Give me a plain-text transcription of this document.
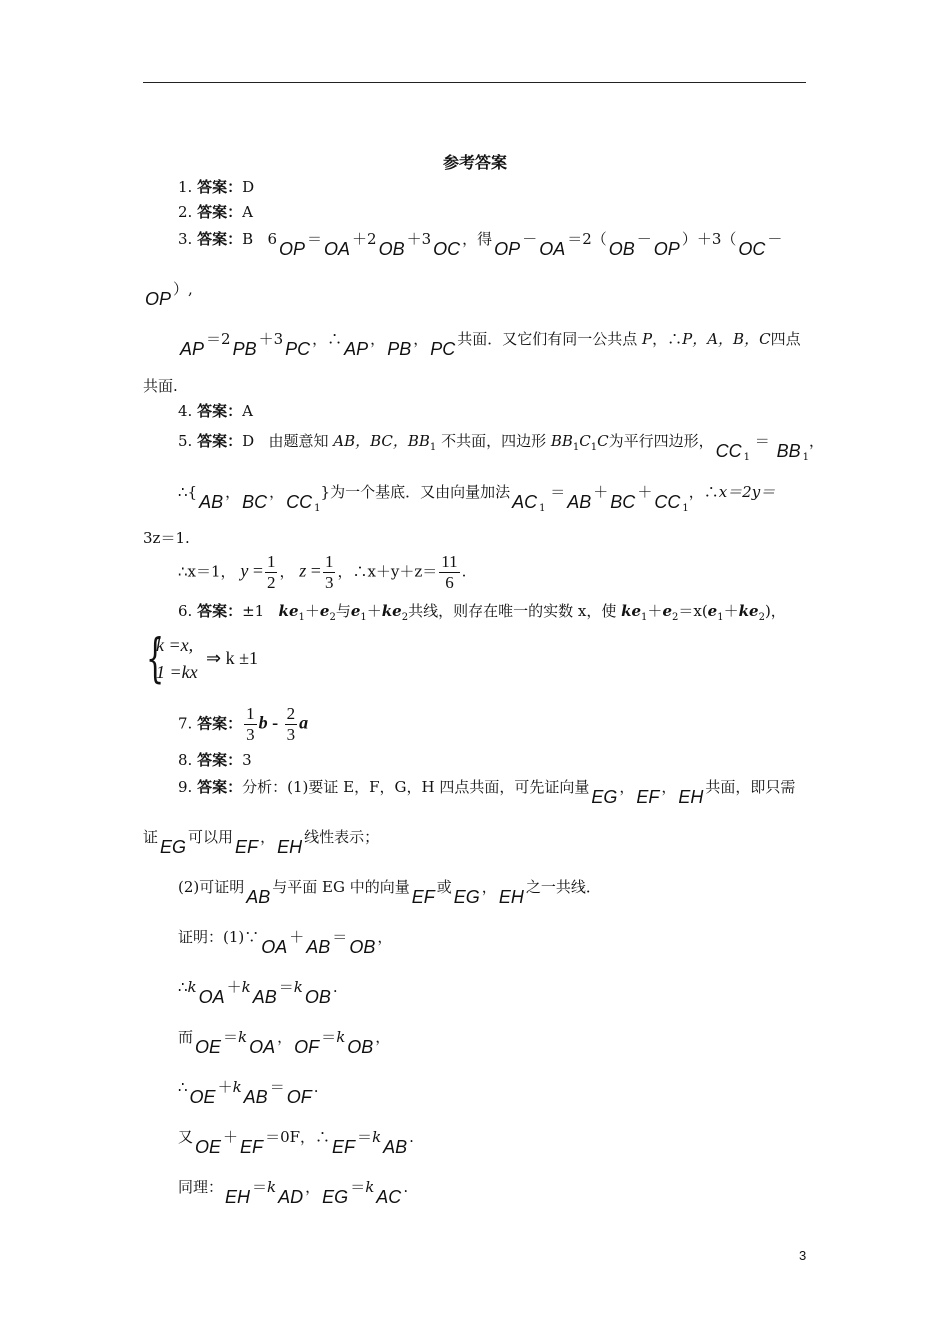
参考答案
1. 答案：D
2. 答案：A
3. 答案：B 6 OP ＝ OA ＋2 OB ＋3 OC ，得 OP － OA ＝2（ OB － OP ）＋3（ OC －
OP ）,
AP ＝2 PB ＋3 PC ，∴ AP ， PB ， PC 共面．又它们有同一公共点 P，∴P，A，B，C四点
共面.
4. 答案：A
5. 答案：D 由题意知 AB，BC，$BB_1$ 不共面，四边形 $BB_1C_1C$为平行四边形， CC $_1$ ＝ BB $_1$，
∴{ AB ， BC ， CC $_1$}为一个基底．又由向量加法 AC $_1$ ＝ AB ＋ BC ＋ CC $_1$，∴x＝2y＝
3z＝1.
∴x＝1， $y = \frac{1}{2}$ ， $z = \frac{1}{3}$ ，∴x＋y＋z＝ $\frac{11}{6}$ .
6. 答案：±1 $ke_1+e_2$与$e_1+ke_2$共线，则存在唯一的实数 x，使 $ke_1+e_2=x(e_1+ke_2)$，
{
k =x,
1 =kx
⇒ k ±1
7. 答案： $\frac{1}{3}$ b - $\frac{2}{3}$ a
8. 答案：3
9. 答案：分析：(1)要证 E，F，G，H 四点共面，可先证向量 EG ， EF ， EH 共面，即只需
证 EG 可以用 EF ， EH 线性表示；
(2)可证明 AB 与平面 EG 中的向量 EF 或 EG ， EH 之一共线．
证明：(1)∵ OA ＋ AB ＝ OB ，
∴k OA ＋k AB ＝k OB .
而 OE ＝k OA ， OF ＝k OB ，
∴ OE ＋k AB ＝ OF .
又 OE ＋ EF ＝0F，∴ EF ＝k AB .
同理： EH ＝k AD ， EG ＝k AC .
3
